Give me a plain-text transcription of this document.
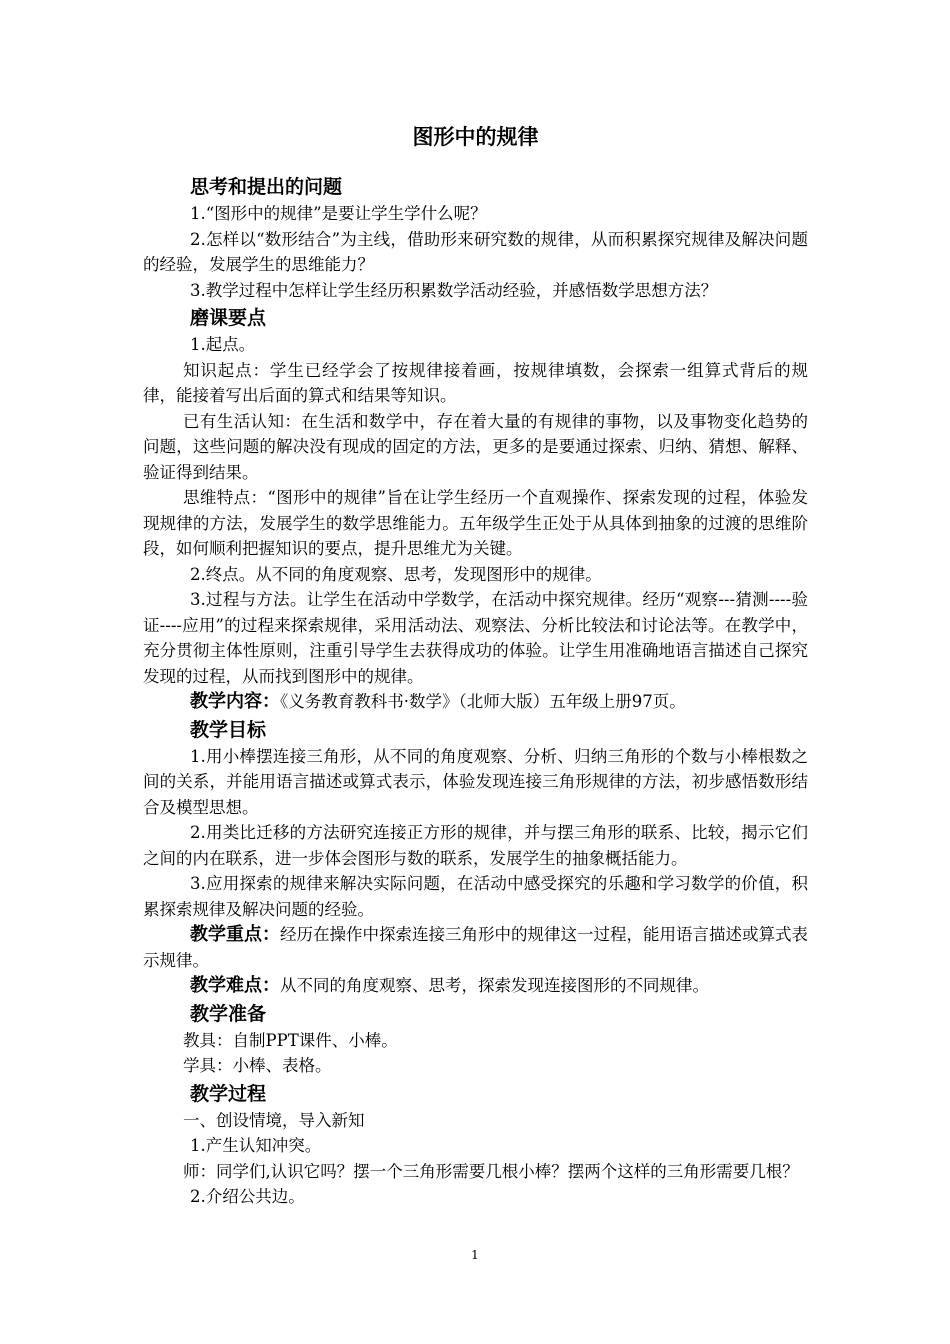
图形中的规律
思考和提出的问题

1.“图形中的规律”是要让学生学什么呢？

2.怎样以“数形结合”为主线，借助形来研究数的规律，从而积累探究规律及解决问题的经验，发展学生的思维能力？

3.教学过程中怎样让学生经历积累数学活动经验，并感悟数学思想方法？

磨课要点

1.起点。

知识起点：学生已经学会了按规律接着画，按规律填数，会探索一组算式背后的规律，能接着写出后面的算式和结果等知识。

已有生活认知：在生活和数学中，存在着大量的有规律的事物，以及事物变化趋势的问题，这些问题的解决没有现成的固定的方法，更多的是要通过探索、归纳、猜想、解释、验证得到结果。

思维特点：“图形中的规律”旨在让学生经历一个直观操作、探索发现的过程，体验发现规律的方法，发展学生的数学思维能力。五年级学生正处于从具体到抽象的过渡的思维阶段，如何顺利把握知识的要点，提升思维尤为关键。

2.终点。从不同的角度观察、思考，发现图形中的规律。

3.过程与方法。让学生在活动中学数学，在活动中探究规律。经历“观察---猜测----验证----应用”的过程来探索规律，采用活动法、观察法、分析比较法和讨论法等。在教学中，充分贯彻主体性原则，注重引导学生去获得成功的体验。让学生用准确地语言描述自己探究发现的过程，从而找到图形中的规律。

教学内容：《义务教育教科书·数学》（北师大版）五年级上册97页。

教学目标

1.用小棒摆连接三角形，从不同的角度观察、分析、归纳三角形的个数与小棒根数之间的关系，并能用语言描述或算式表示，体验发现连接三角形规律的方法，初步感悟数形结合及模型思想。

2.用类比迁移的方法研究连接正方形的规律，并与摆三角形的联系、比较，揭示它们之间的内在联系，进一步体会图形与数的联系，发展学生的抽象概括能力。

3.应用探索的规律来解决实际问题，在活动中感受探究的乐趣和学习数学的价值，积累探索规律及解决问题的经验。

教学重点：经历在操作中探索连接三角形中的规律这一过程，能用语言描述或算式表示规律。

教学难点：从不同的角度观察、思考，探索发现连接图形的不同规律。

教学准备

教具：自制PPT课件、小棒。

学具：小棒、表格。

教学过程

一、创设情境，导入新知

1.产生认知冲突。

师：同学们,认识它吗？摆一个三角形需要几根小棒？摆两个这样的三角形需要几根？

2.介绍公共边。

1
